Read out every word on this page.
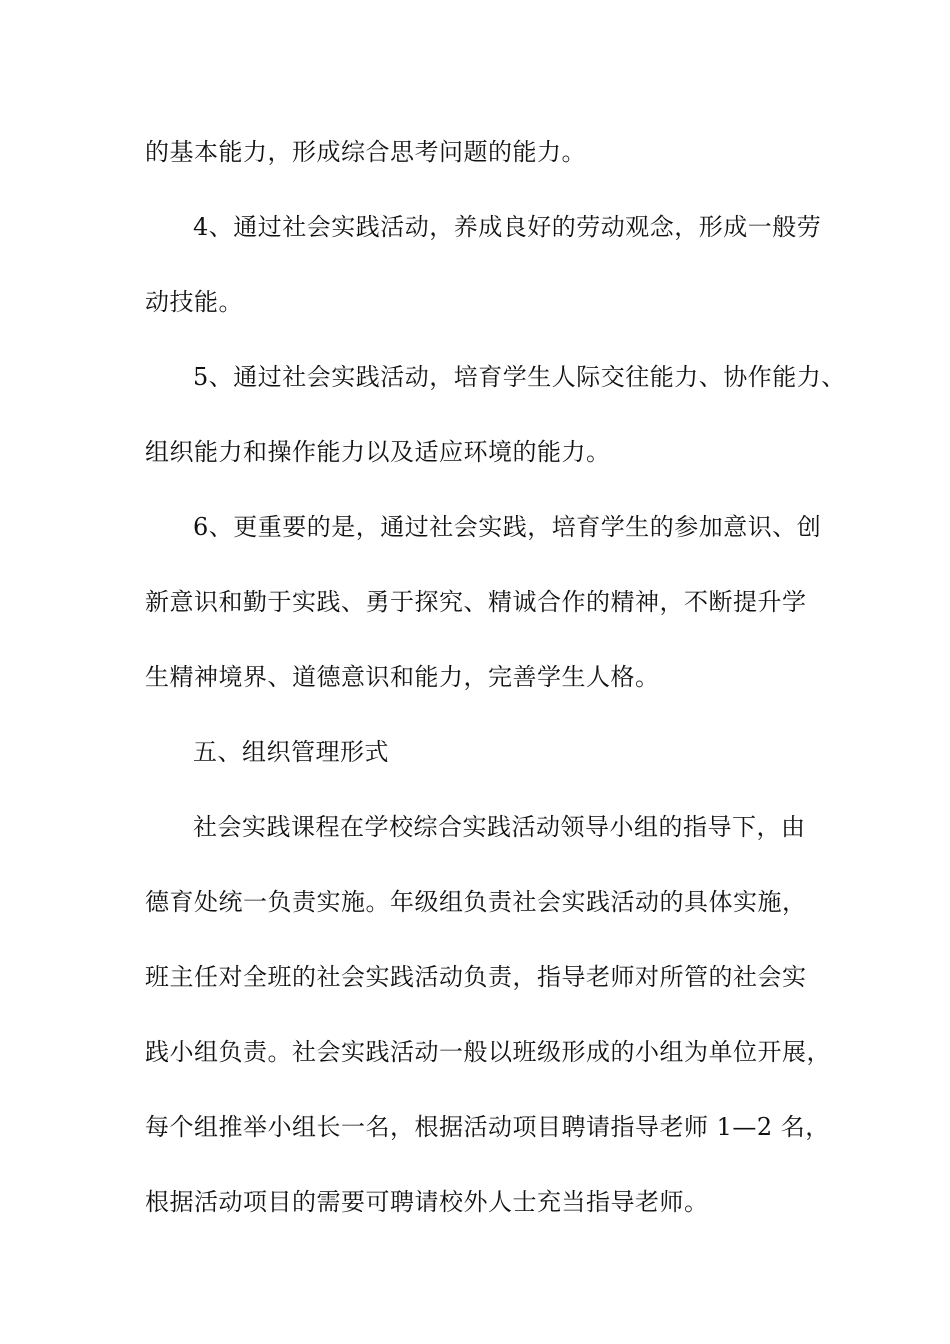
的基本能力，形成综合思考问题的能力。
4、通过社会实践活动，养成良好的劳动观念，形成一般劳
动技能。
5、通过社会实践活动，培育学生人际交往能力、协作能力、
组织能力和操作能力以及适应环境的能力。
6、更重要的是，通过社会实践，培育学生的参加意识、创
新意识和勤于实践、勇于探究、精诚合作的精神，不断提升学
生精神境界、道德意识和能力，完善学生人格。
五、组织管理形式
社会实践课程在学校综合实践活动领导小组的指导下，由
德育处统一负责实施。年级组负责社会实践活动的具体实施，
班主任对全班的社会实践活动负责，指导老师对所管的社会实
践小组负责。社会实践活动一般以班级形成的小组为单位开展，
每个组推举小组长一名，根据活动项目聘请指导老师 1—2 名，
根据活动项目的需要可聘请校外人士充当指导老师。
